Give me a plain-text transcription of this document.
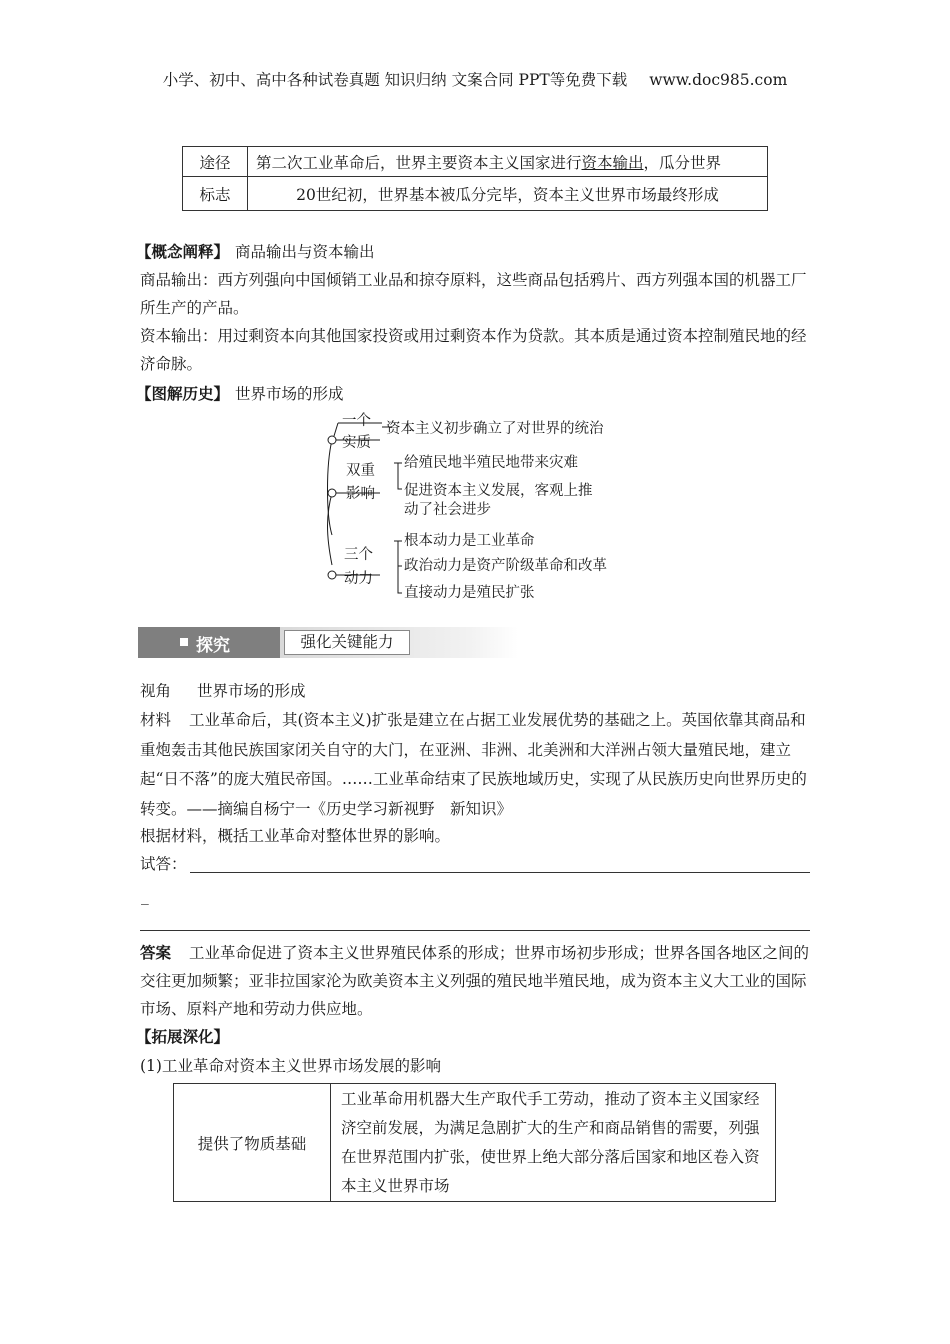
小学、初中、高中各种试卷真题 知识归纳 文案合同 PPT等免费下载 www.doc985.com
途径	第二次工业革命后，世界主要资本主义国家进行资本输出，瓜分世界
标志	20世纪初，世界基本被瓜分完毕，资本主义世界市场最终形成
【概念阐释】 商品输出与资本输出
商品输出：西方列强向中国倾销工业品和掠夺原料，这些商品包括鸦片、西方列强本国的机器工厂所生产的产品。
资本输出：用过剩资本向其他国家投资或用过剩资本作为贷款。其本质是通过资本控制殖民地的经济命脉。
【图解历史】 世界市场的形成
一个
实质
资本主义初步确立了对世界的统治
双重
影响
给殖民地半殖民地带来灾难
促进资本主义发展，客观上推
动了社会进步
三个
动力
根本动力是工业革命
政治动力是资产阶级革命和改革
直接动力是殖民扩张
探究	强化关键能力
视角 世界市场的形成
材料 工业革命后，其(资本主义)扩张是建立在占据工业发展优势的基础之上。英国依靠其商品和重炮轰击其他民族国家闭关自守的大门，在亚洲、非洲、北美洲和大洋洲占领大量殖民地，建立起“日不落”的庞大殖民帝国。……工业革命结束了民族地域历史，实现了从民族历史向世界历史的转变。——摘编自杨宁一《历史学习新视野　新知识》
根据材料，概括工业革命对整体世界的影响。
试答：
_
答案 工业革命促进了资本主义世界殖民体系的形成；世界市场初步形成；世界各国各地区之间的交往更加频繁；亚非拉国家沦为欧美资本主义列强的殖民地半殖民地，成为资本主义大工业的国际市场、原料产地和劳动力供应地。
【拓展深化】
(1)工业革命对资本主义世界市场发展的影响
提供了物质基础	工业革命用机器大生产取代手工劳动，推动了资本主义国家经济空前发展，为满足急剧扩大的生产和商品销售的需要，列强在世界范围内扩张，使世界上绝大部分落后国家和地区卷入资本主义世界市场
